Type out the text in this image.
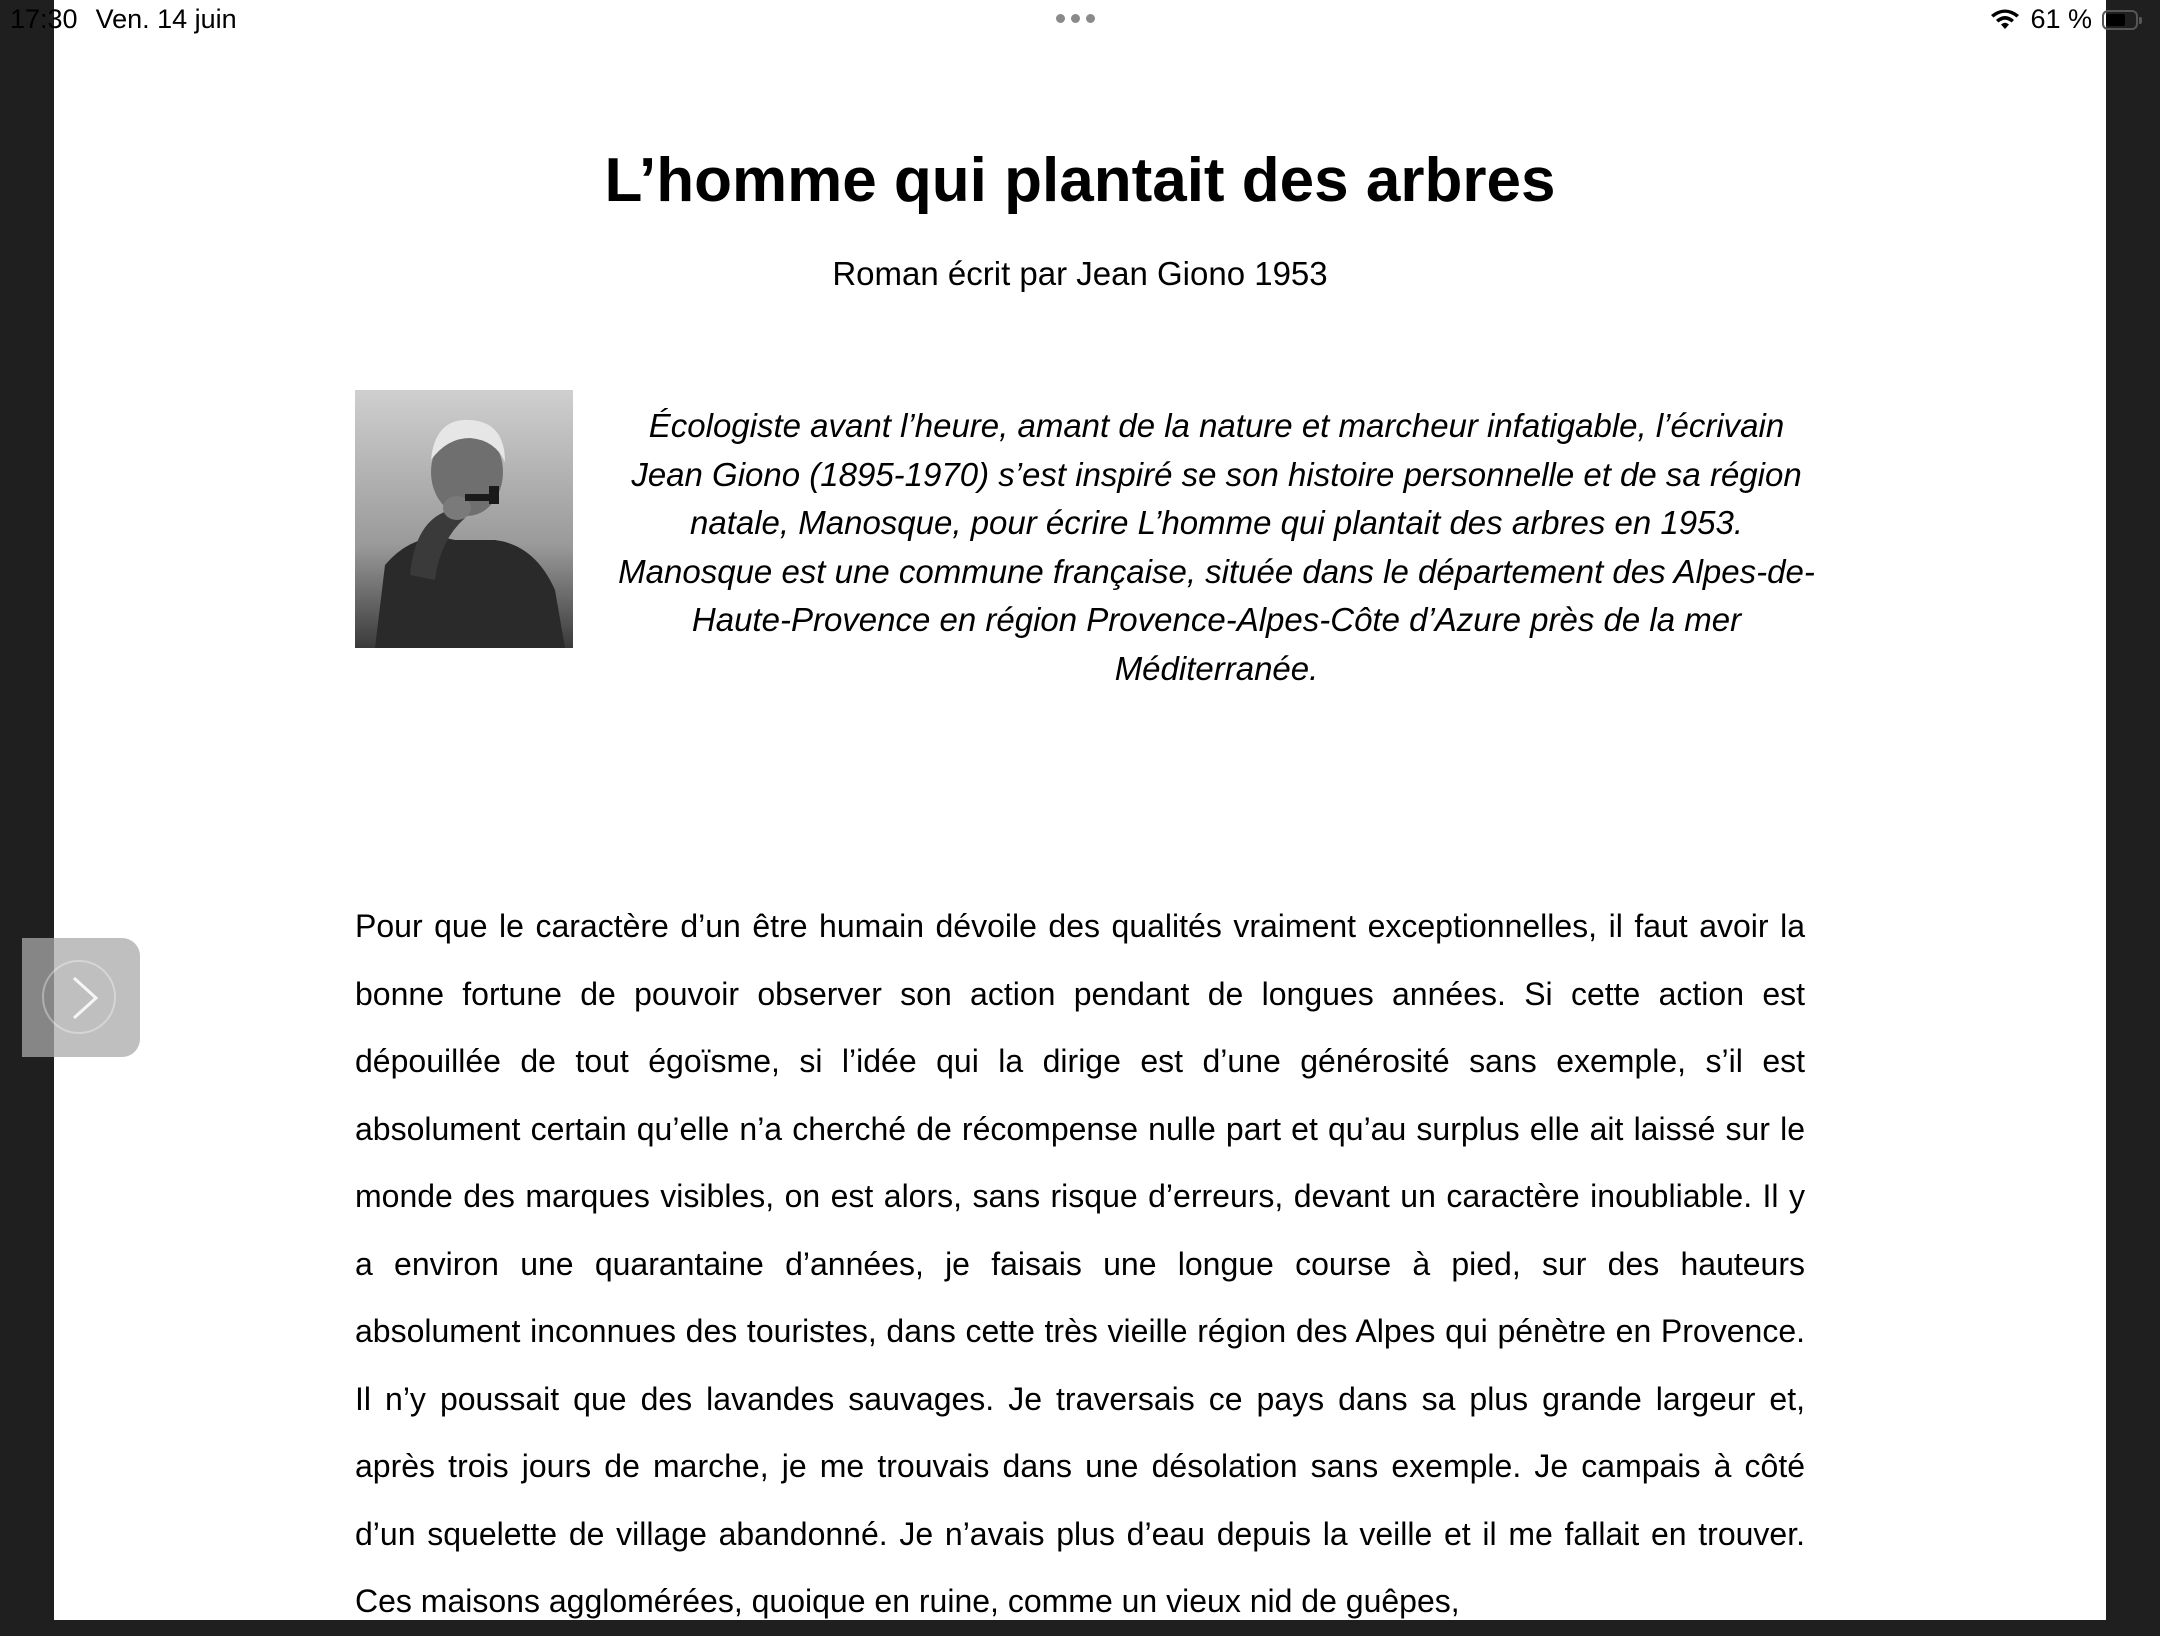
L’homme qui plantait des arbres
Roman écrit par Jean Giono 1953
Écologiste avant l’heure, amant de la nature et marcheur infatigable, l’écrivain Jean Giono (1895-1970) s’est inspiré se son histoire personnelle et de sa région natale, Manosque, pour écrire L’homme qui plantait des arbres en 1953. Manosque est une commune française, située dans le département des Alpes-de-Haute-Provence en région Provence-Alpes-Côte d’Azure près de la mer Méditerranée.
Pour que le caractère d’un être humain dévoile des qualités vraiment exceptionnelles, il faut avoir la bonne fortune de pouvoir observer son action pendant de longues années. Si cette action est dépouillée de tout égoïsme, si l’idée qui la dirige est d’une générosité sans exemple, s’il est absolument certain qu’elle n’a cherché de récompense nulle part et qu’au surplus elle ait laissé sur le monde des marques visibles, on est alors, sans risque d’erreurs, devant un caractère inoubliable. Il y a environ une quarantaine d’années, je faisais une longue course à pied, sur des hauteurs absolument inconnues des touristes, dans cette très vieille région des Alpes qui pénètre en Provence. Il n’y poussait que des lavandes sauvages. Je traversais ce pays dans sa plus grande largeur et, après trois jours de marche, je me trouvais dans une désolation sans exemple. Je campais à côté d’un squelette de village abandonné. Je n’avais plus d’eau depuis la veille et il me fallait en trouver. Ces maisons agglomérées, quoique en ruine, comme un vieux nid de guêpes,
17:30 Ven. 14 juin	61 %
